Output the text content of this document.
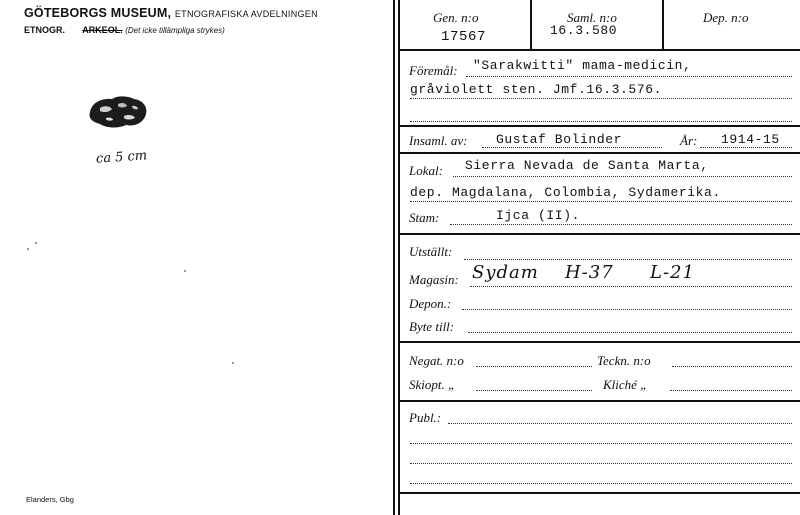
GÖTEBORGS MUSEUM, ETNOGRAFISKA AVDELNINGEN
ETNOGR. ARKEOL. (Det icke tillämpliga strykes)
ca 5 cm
Elanders, Gbg
Gen. n:o
17567
Saml. n:o
16.3.580
Dep. n:o
Föremål: "Sarakwitti" mama-medicin,
gråviolett sten. Jmf.16.3.576.
Insaml. av: Gustaf Bolinder	År: 1914-15
Lokal: Sierra Nevada de Santa Marta,
dep. Magdalana, Colombia, Sydamerika.
Stam:	Ijca (II).
Utställt:
Magasin: Sydam H-37 L-21
Depon.:
Byte till:
Negat. n:o	Teckn. n:o
Skiopt. „	Kliché „
Publ.:
